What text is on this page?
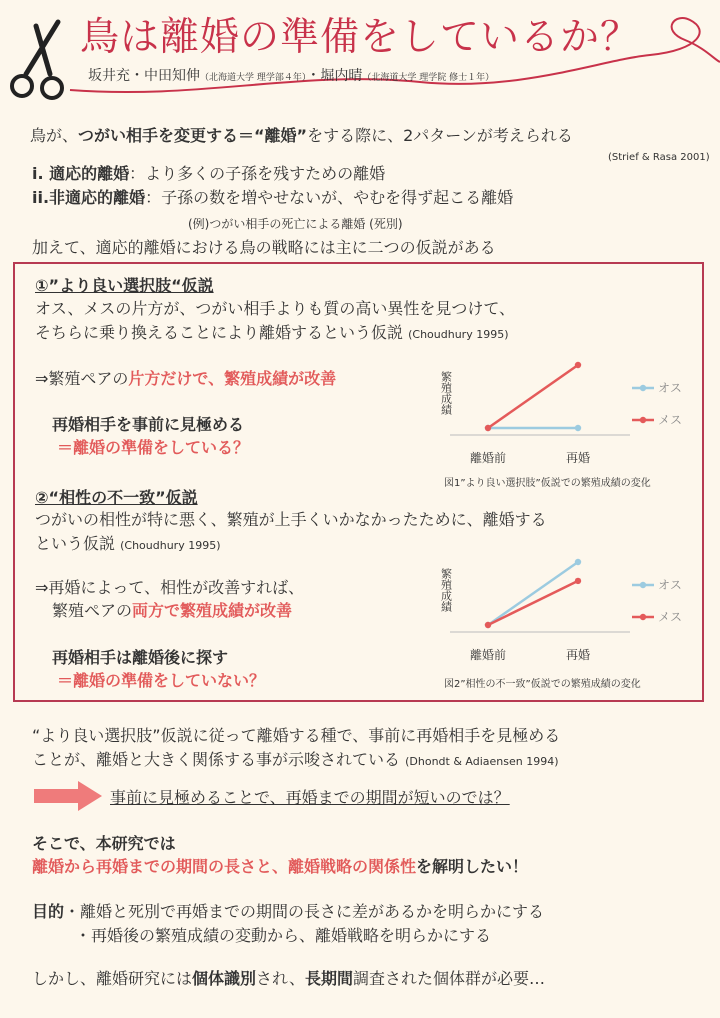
鳥は離婚の準備をしているか？
坂井充・中田知伸（北海道大学 理学部４年）・堀内晴（北海道大学 理学院 修士１年）
鳥が、つがい相手を変更する＝“離婚”をする際に、2パターンが考えられる
(Strief & Rasa 2001)
i. 適応的離婚：より多くの子孫を残すための離婚
ii.非適応的離婚：子孫の数を増やせないが、やむを得ず起こる離婚
(例)つがい相手の死亡による離婚 (死別)
加えて、適応的離婚における鳥の戦略には主に二つの仮説がある
①”より良い選択肢“仮説
オス、メスの片方が、つがい相手よりも質の高い異性を見つけて、
そちらに乗り換えることにより離婚するという仮説 (Choudhury 1995)
⇒繁殖ペアの片方だけで、繁殖成績が改善
再婚相手を事前に見極める
＝離婚の準備をしている？
繁殖成績
離婚前	再婚
オス
メス
図1”より良い選択肢”仮説での繁殖成績の変化
②“相性の不一致”仮説
つがいの相性が特に悪く、繁殖が上手くいかなかったために、離婚する
という仮説 (Choudhury 1995)
⇒再婚によって、相性が改善すれば、
繁殖ペアの両方で繁殖成績が改善
再婚相手は離婚後に探す
＝離婚の準備をしていない？
繁殖成績
離婚前	再婚
オス
メス
図2”相性の不一致”仮説での繁殖成績の変化
“より良い選択肢”仮説に従って離婚する種で、事前に再婚相手を見極める
ことが、離婚と大きく関係する事が示唆されている (Dhondt & Adiaensen 1994)
事前に見極めることで、再婚までの期間が短いのでは？
そこで、本研究では
離婚から再婚までの期間の長さと、離婚戦略の関係性を解明したい！
目的・離婚と死別で再婚までの期間の長さに差があるかを明らかにする
・再婚後の繁殖成績の変動から、離婚戦略を明らかにする
しかし、離婚研究には個体識別され、長期間調査された個体群が必要…
